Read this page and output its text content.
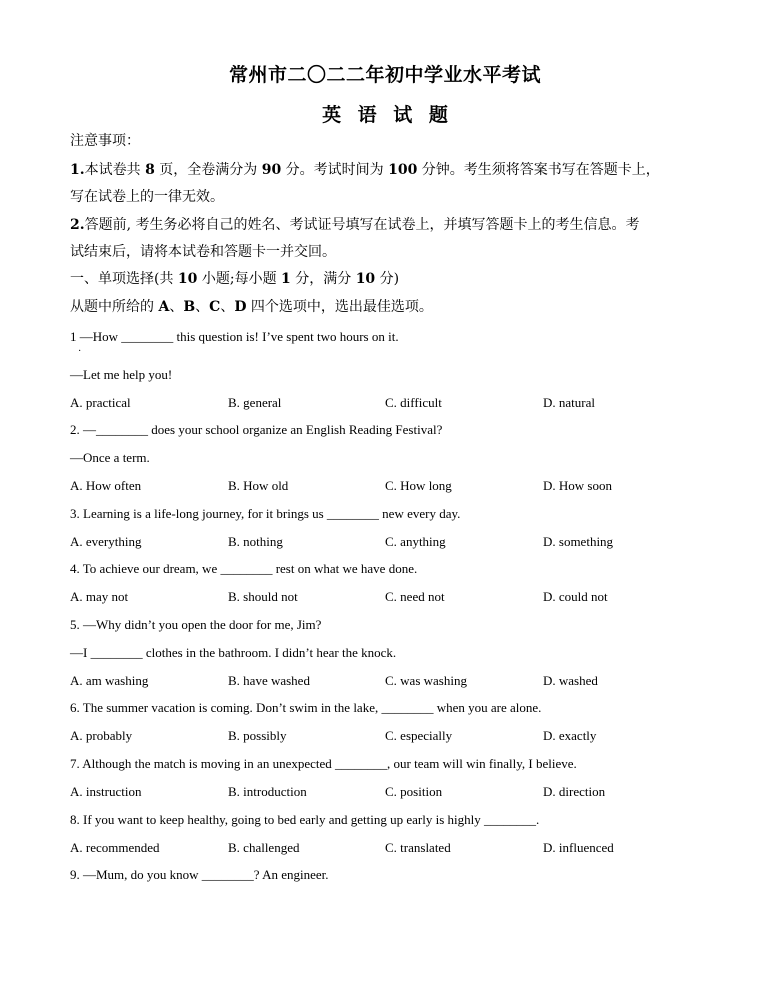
常州市二〇二二年初中学业水平考试
英 语 试 题
注意事项：
1.本试卷共 8 页，全卷满分为 90 分。考试时间为 100 分钟。考生须将答案书写在答题卡上，
写在试卷上的一律无效。
2.答题前, 考生务必将自己的姓名、考试证号填写在试卷上，并填写答题卡上的考生信息。考
试结束后，请将本试卷和答题卡一并交回。
一、单项选择(共 10 小题;每小题 1 分，满分 10 分)
从题中所给的 A、B、C、D 四个选项中，选出最佳选项。
·
1 —How ________ this question is! I’ve spent two hours on it.
—Let me help you!
A. practical	B. general	C. difficult	D. natural
2. —________ does your school organize an English Reading Festival?
—Once a term.
A. How often	B. How old	C. How long	D. How soon
3. Learning is a life-long journey, for it brings us ________ new every day.
A. everything	B. nothing	C. anything	D. something
4. To achieve our dream, we ________ rest on what we have done.
A. may not	B. should not	C. need not	D. could not
5. —Why didn’t you open the door for me, Jim?
—I ________ clothes in the bathroom. I didn’t hear the knock.
A. am washing	B. have washed	C. was washing	D. washed
6. The summer vacation is coming. Don’t swim in the lake, ________ when you are alone.
A. probably	B. possibly	C. especially	D. exactly
7. Although the match is moving in an unexpected ________, our team will win finally, I believe.
A. instruction	B. introduction	C. position	D. direction
8. If you want to keep healthy, going to bed early and getting up early is highly ________.
A. recommended	B. challenged	C. translated	D. influenced
9. —Mum, do you know ________? An engineer.
